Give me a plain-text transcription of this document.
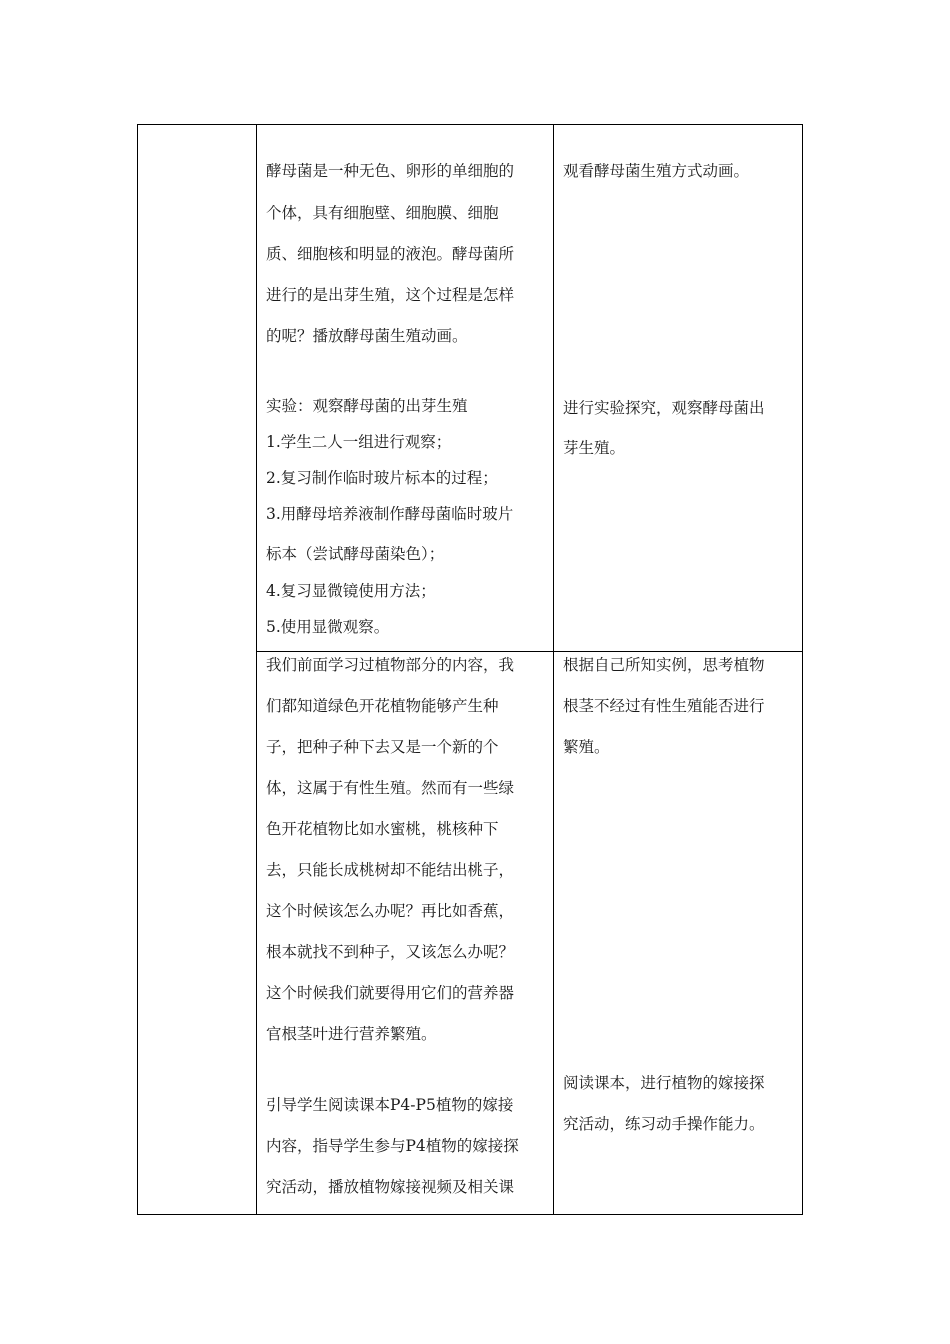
酵母菌是一种无色、卵形的单细胞的

个体，具有细胞壁、细胞膜、细胞

质、细胞核和明显的液泡。酵母菌所

进行的是出芽生殖，这个过程是怎样

的呢？播放酵母菌生殖动画。

观看酵母菌生殖方式动画。

实验：观察酵母菌的出芽生殖

1.学生二人一组进行观察；

2.复习制作临时玻片标本的过程；

3.用酵母培养液制作酵母菌临时玻片

标本（尝试酵母菌染色）；

4.复习显微镜使用方法；

5.使用显微观察。

进行实验探究，观察酵母菌出

芽生殖。

我们前面学习过植物部分的内容，我

们都知道绿色开花植物能够产生种

子，把种子种下去又是一个新的个

体，这属于有性生殖。然而有一些绿

色开花植物比如水蜜桃，桃核种下

去，只能长成桃树却不能结出桃子，

这个时候该怎么办呢？再比如香蕉，

根本就找不到种子，又该怎么办呢？

这个时候我们就要得用它们的营养器

官根茎叶进行营养繁殖。

根据自己所知实例，思考植物

根茎不经过有性生殖能否进行

繁殖。

引导学生阅读课本P4-P5植物的嫁接

内容，指导学生参与P4植物的嫁接探

究活动，播放植物嫁接视频及相关课

阅读课本，进行植物的嫁接探

究活动，练习动手操作能力。
